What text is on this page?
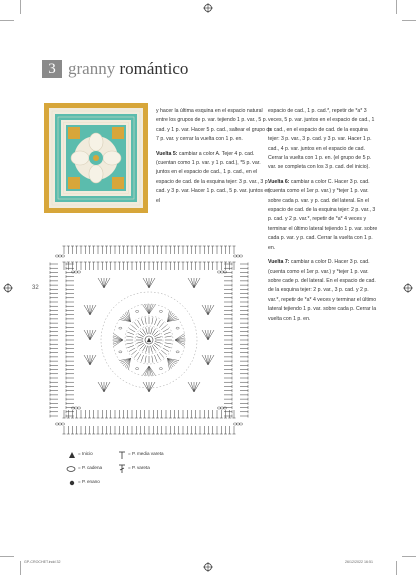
3 granny romántico

y hacer la última esquina en el espacio natural entre los grupos de p. var. tejiendo 1 p. var., 5 p. cad. y 1 p. var. Hacer 5 p. cad., saltear el grupo de 7 p. var. y cerrar la vuelta con 1 p. en.

Vuelta 5: cambiar a color A. Tejer 4 p. cad. (cuentan como 1 p. var. y 1 p. cad.), *5 p. var. juntos en el espacio de cad., 1 p. cad., en el espacio de cad. de la esquina tejer: 3 p. var., 3 p. cad. y 3 p. var. Hacer 1 p. cad., 5 p. var. juntos en el

espacio de cad., 1 p. cad.*, repetir de *a* 3 veces, 5 p. var. juntos en el espacio de cad., 1 p. cad., en el espacio de cad. de la esquina tejer: 3 p. var., 3 p. cad. y 3 p. var. Hacer 1 p. cad., 4 p. var. juntos en el espacio de cad. Cerrar la vuelta con 1 p. en. (el grupo de 5 p. var. se completa con los 3 p. cad. del inicio).

Vuelta 6: cambiar a color C. Hacer 3 p. cad. (cuenta como el 1er p. var.) y *tejer 1 p. var. sobre cada p. var. y p. cad. del lateral. En el espacio de cad. de la esquina tejer: 2 p. var., 3 p. cad. y 2 p. var.*, repetir de *a* 4 veces y terminar el último lateral tejiendo 1 p. var. sobre cada p. var. y p. cad. Cerrar la vuelta con 1 p. en.

Vuelta 7: cambiar a color D. Hacer 3 p. cad. (cuenta como el 1er p. var.) y *tejer 1 p. var. sobre cade p. del lateral. En el espacio de cad. de la esquina tejer: 2 p. var., 3 p. cad. y 2 p. var.*, repetir de *a* 4 veces y terminar el último lateral tejiendo 1 p. var. sobre cada p. Cerrar la vuelta con 1 p. en.

32
= Inicio
= P. cadena
= P. enano
= P. media vareta
= P. vareta
GP-CROCHET.indd 32	26/12/2022 16:51
